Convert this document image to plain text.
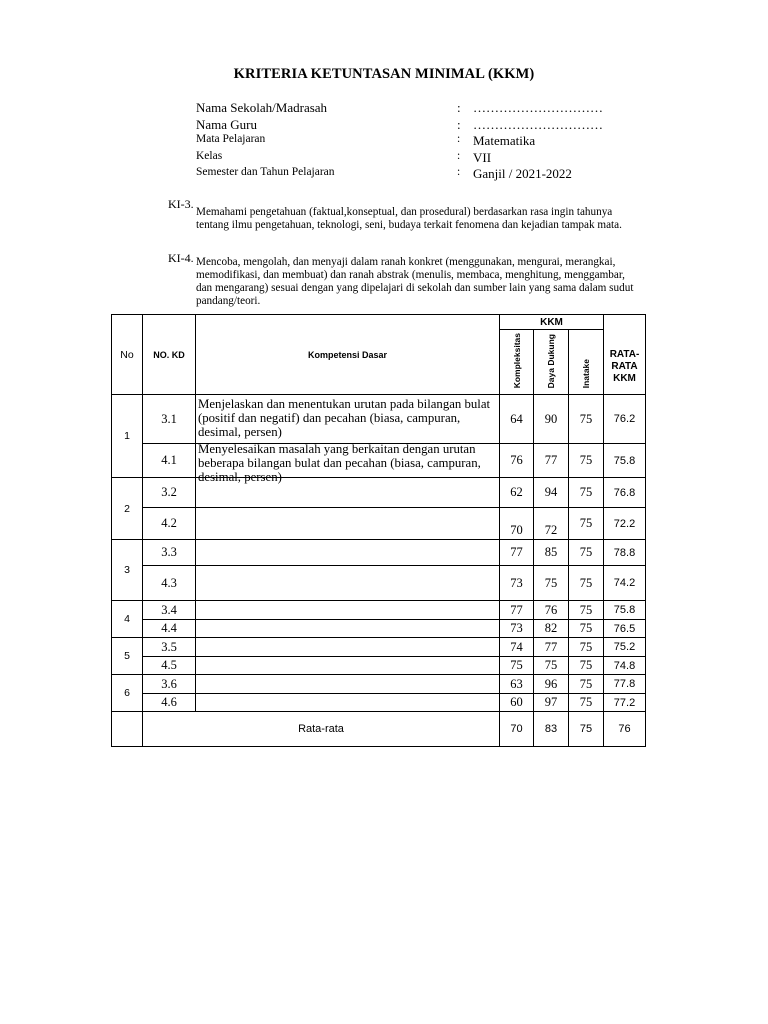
KRITERIA KETUNTASAN MINIMAL (KKM)
Nama Sekolah/Madrasah	: …………………………
Nama Guru	: …………………………
Mata Pelajaran	: Matematika
Kelas	: VII
Semester dan Tahun Pelajaran	: Ganjil / 2021-2022
KI-3.
Memahami pengetahuan (faktual,konseptual, dan prosedural) berdasarkan rasa ingin tahunya tentang ilmu pengetahuan, teknologi, seni, budaya terkait fenomena dan kejadian tampak mata.
KI-4. Mencoba, mengolah, dan menyaji dalam ranah konkret (menggunakan, mengurai, merangkai, memodifikasi, dan membuat) dan ranah abstrak (menulis, membaca, menghitung, menggambar, dan mengarang) sesuai dengan yang dipelajari di sekolah dan sumber lain yang sama dalam sudut pandang/teori.
No	NO. KD	Kompetensi Dasar	KKM			RATA-RATA KKM
			Kompleksitas	Daya Dukung	Inatake	
1	3.1	Menjelaskan dan menentukan urutan pada bilangan bulat (positif dan negatif) dan pecahan (biasa, campuran, desimal, persen)	64	90	75	76.2
	4.1	Menyelesaikan masalah yang berkaitan dengan urutan beberapa bilangan bulat dan pecahan (biasa, campuran, desimal, persen)	76	77	75	75.8
2	3.2		62	94	75	76.8
	4.2		70	72	75	72.2
3	3.3		77	85	75	78.8
	4.3		73	75	75	74.2
4	3.4		77	76	75	75.8
	4.4		73	82	75	76.5
5	3.5		74	77	75	75.2
	4.5		75	75	75	74.8
6	3.6		63	96	75	77.8
	4.6		60	97	75	77.2
	Rata-rata		70	83	75	76
